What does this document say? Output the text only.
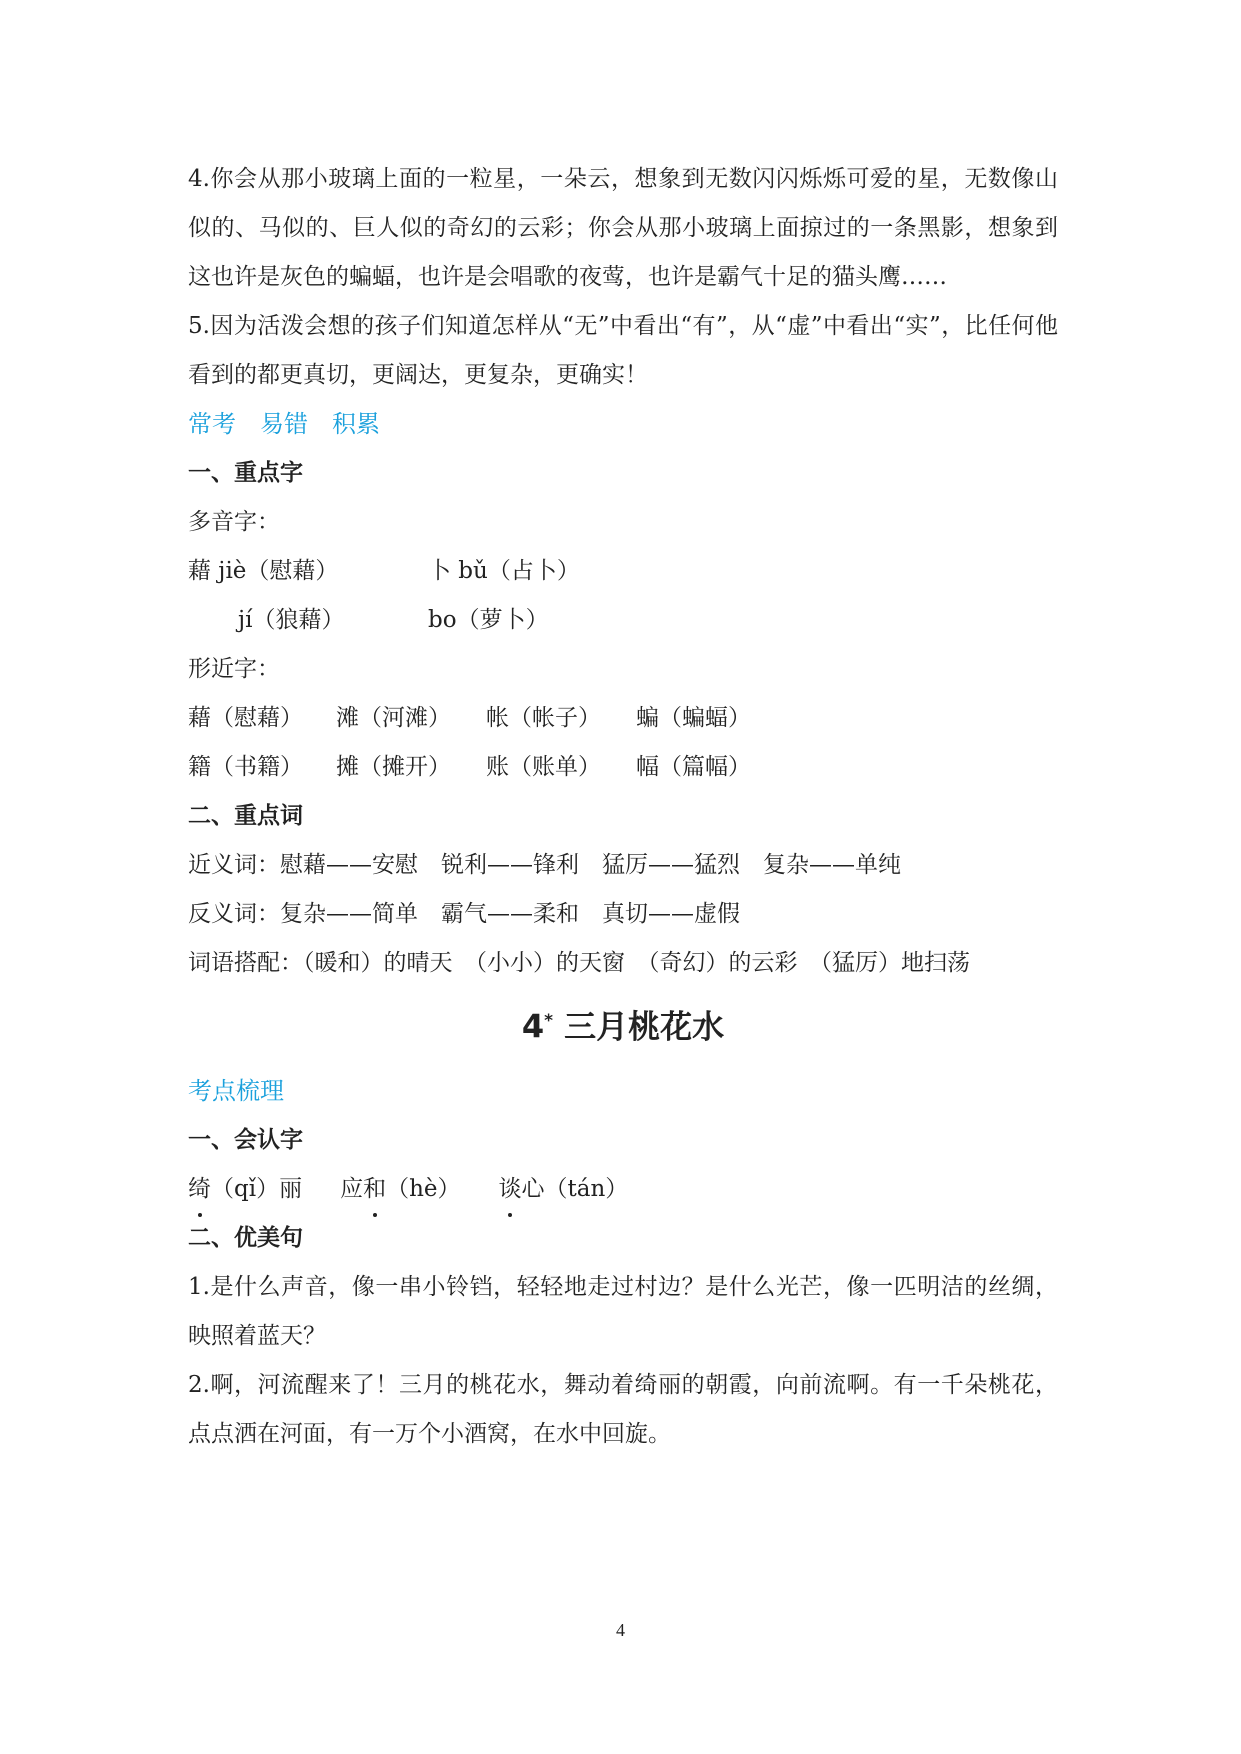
4.你会从那小玻璃上面的一粒星，一朵云，想象到无数闪闪烁烁可爱的星，无数像山似的、马似的、巨人似的奇幻的云彩；你会从那小玻璃上面掠过的一条黑影，想象到这也许是灰色的蝙蝠，也许是会唱歌的夜莺，也许是霸气十足的猫头鹰……

5.因为活泼会想的孩子们知道怎样从“无”中看出“有”，从“虚”中看出“实”，比任何他看到的都更真切，更阔达，更复杂，更确实！

常考　易错　积累

一、重点字

多音字：

藉 jiè（慰藉）	卜 bǔ（占卜）
jí（狼藉）	bo（萝卜）

形近字：

藉（慰藉）	滩（河滩）	帐（帐子）	蝙（蝙蝠）
籍（书籍）	摊（摊开）	账（账单）	幅（篇幅）

二、重点词

近义词：慰藉——安慰　锐利——锋利　猛厉——猛烈　复杂——单纯

反义词：复杂——简单　霸气——柔和　真切——虚假

词语搭配：（暖和）的晴天　（小小）的天窗　（奇幻）的云彩　（猛厉）地扫荡

4* 三月桃花水

考点梳理

一、会认字

绮（qǐ）丽 应和（hè） 谈心（tán）

二、优美句

1.是什么声音，像一串小铃铛，轻轻地走过村边？是什么光芒，像一匹明洁的丝绸，映照着蓝天？

2.啊，河流醒来了！三月的桃花水，舞动着绮丽的朝霞，向前流啊。有一千朵桃花，点点洒在河面，有一万个小酒窝，在水中回旋。

4
